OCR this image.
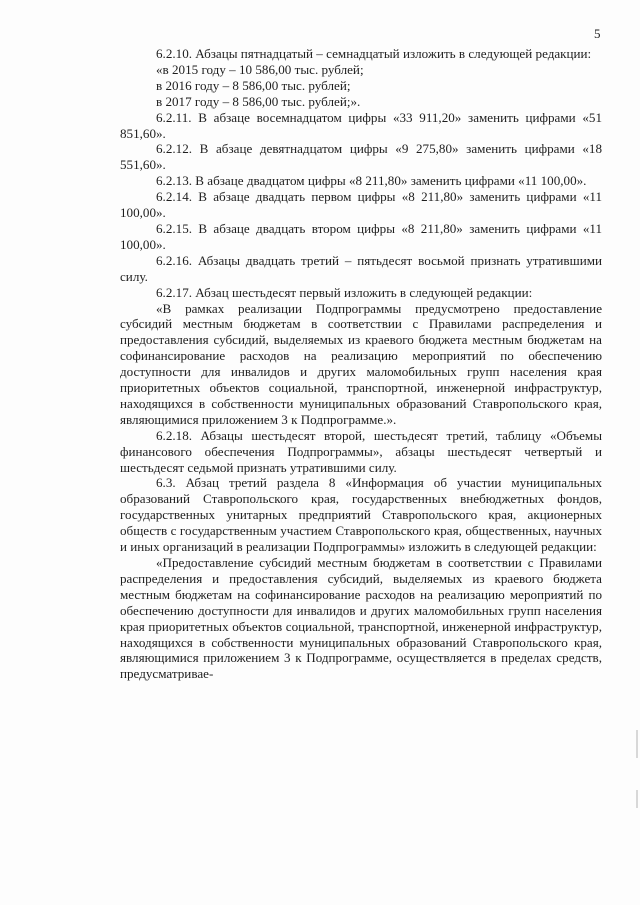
5

6.2.10. Абзацы пятнадцатый – семнадцатый изложить в следующей редакции:

«в 2015 году – 10 586,00 тыс. рублей;

в 2016 году – 8 586,00 тыс. рублей;

в 2017 году – 8 586,00 тыс. рублей;».

6.2.11. В абзаце восемнадцатом цифры «33 911,20» заменить цифрами «51 851,60».

6.2.12. В абзаце девятнадцатом цифры «9 275,80» заменить цифрами «18 551,60».

6.2.13. В абзаце двадцатом цифры «8 211,80» заменить цифрами «11 100,00».

6.2.14. В абзаце двадцать первом цифры «8 211,80» заменить цифрами «11 100,00».

6.2.15. В абзаце двадцать втором цифры «8 211,80» заменить цифрами «11 100,00».

6.2.16. Абзацы двадцать третий – пятьдесят восьмой признать утратившими силу.

6.2.17. Абзац шестьдесят первый изложить в следующей редакции:

«В рамках реализации Подпрограммы предусмотрено предоставление субсидий местным бюджетам в соответствии с Правилами распределения и предоставления субсидий, выделяемых из краевого бюджета местным бюджетам на софинансирование расходов на реализацию мероприятий по обеспечению доступности для инвалидов и других маломобильных групп населения края приоритетных объектов социальной, транспортной, инженерной инфраструктур, находящихся в собственности муниципальных образований Ставропольского края, являющимися приложением 3 к Подпрограмме.».

6.2.18. Абзацы шестьдесят второй, шестьдесят третий, таблицу «Объемы финансового обеспечения Подпрограммы», абзацы шестьдесят четвертый и шестьдесят седьмой признать утратившими силу.

6.3. Абзац третий раздела 8 «Информация об участии муниципальных образований Ставропольского края, государственных внебюджетных фондов, государственных унитарных предприятий Ставропольского края, акционерных обществ с государственным участием Ставропольского края, общественных, научных и иных организаций в реализации Подпрограммы» изложить в следующей редакции:

«Предоставление субсидий местным бюджетам в соответствии с Правилами распределения и предоставления субсидий, выделяемых из краевого бюджета местным бюджетам на софинансирование расходов на реализацию мероприятий по обеспечению доступности для инвалидов и других маломобильных групп населения края приоритетных объектов социальной, транспортной, инженерной инфраструктур, находящихся в собственности муниципальных образований Ставропольского края, являющимися приложением 3 к Подпрограмме, осуществляется в пределах средств, предусматривае-
